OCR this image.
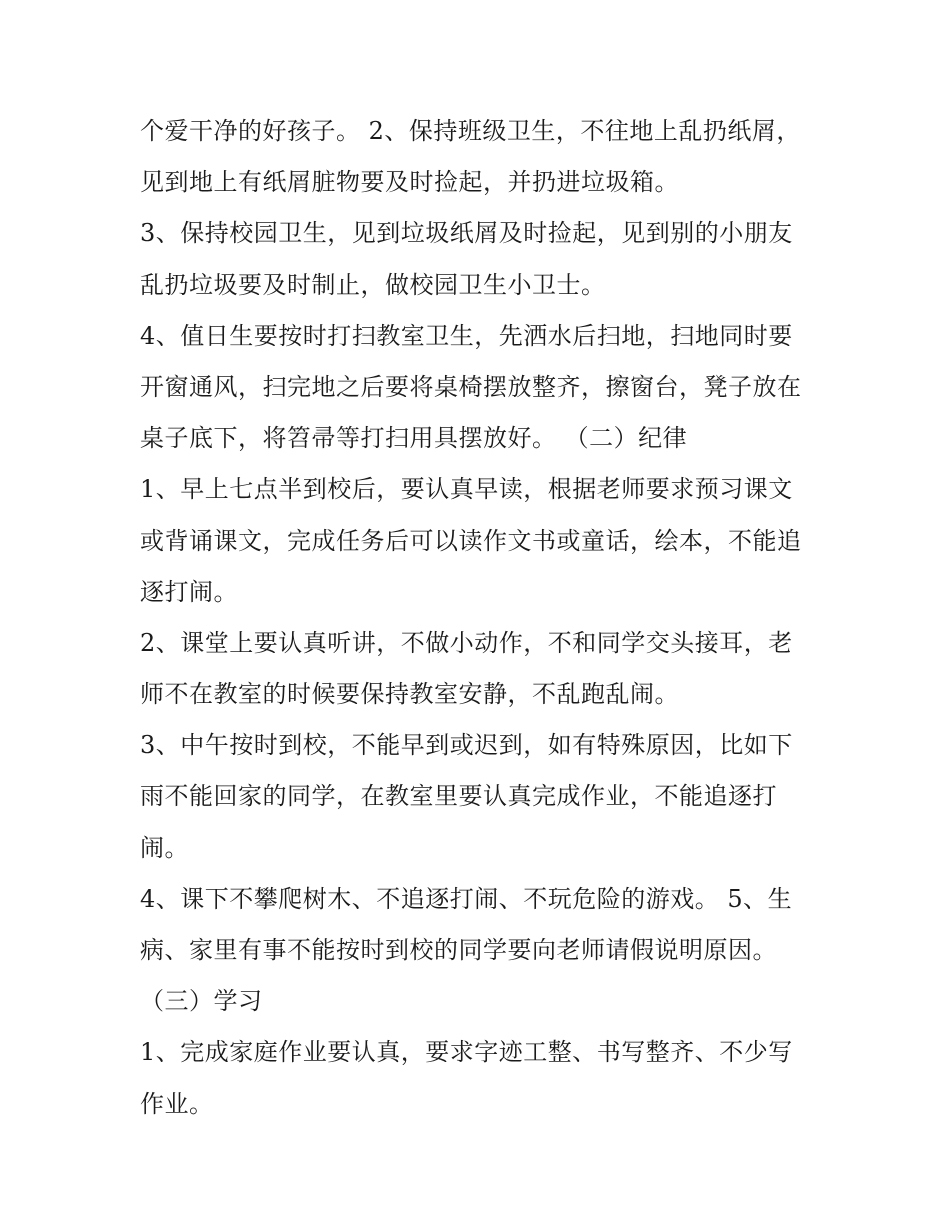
个爱干净的好孩子。 2、保持班级卫生，不往地上乱扔纸屑，
见到地上有纸屑脏物要及时捡起，并扔进垃圾箱。
3、保持校园卫生，见到垃圾纸屑及时捡起，见到别的小朋友
乱扔垃圾要及时制止，做校园卫生小卫士。
4、值日生要按时打扫教室卫生，先洒水后扫地，扫地同时要
开窗通风，扫完地之后要将桌椅摆放整齐，擦窗台，凳子放在
桌子底下，将笤帚等打扫用具摆放好。 （二）纪律
1、早上七点半到校后，要认真早读，根据老师要求预习课文
或背诵课文，完成任务后可以读作文书或童话，绘本，不能追
逐打闹。
2、课堂上要认真听讲，不做小动作，不和同学交头接耳，老
师不在教室的时候要保持教室安静，不乱跑乱闹。
3、中午按时到校，不能早到或迟到，如有特殊原因，比如下
雨不能回家的同学，在教室里要认真完成作业，不能追逐打
闹。
4、课下不攀爬树木、不追逐打闹、不玩危险的游戏。 5、生
病、家里有事不能按时到校的同学要向老师请假说明原因。
（三）学习
1、完成家庭作业要认真，要求字迹工整、书写整齐、不少写
作业。
